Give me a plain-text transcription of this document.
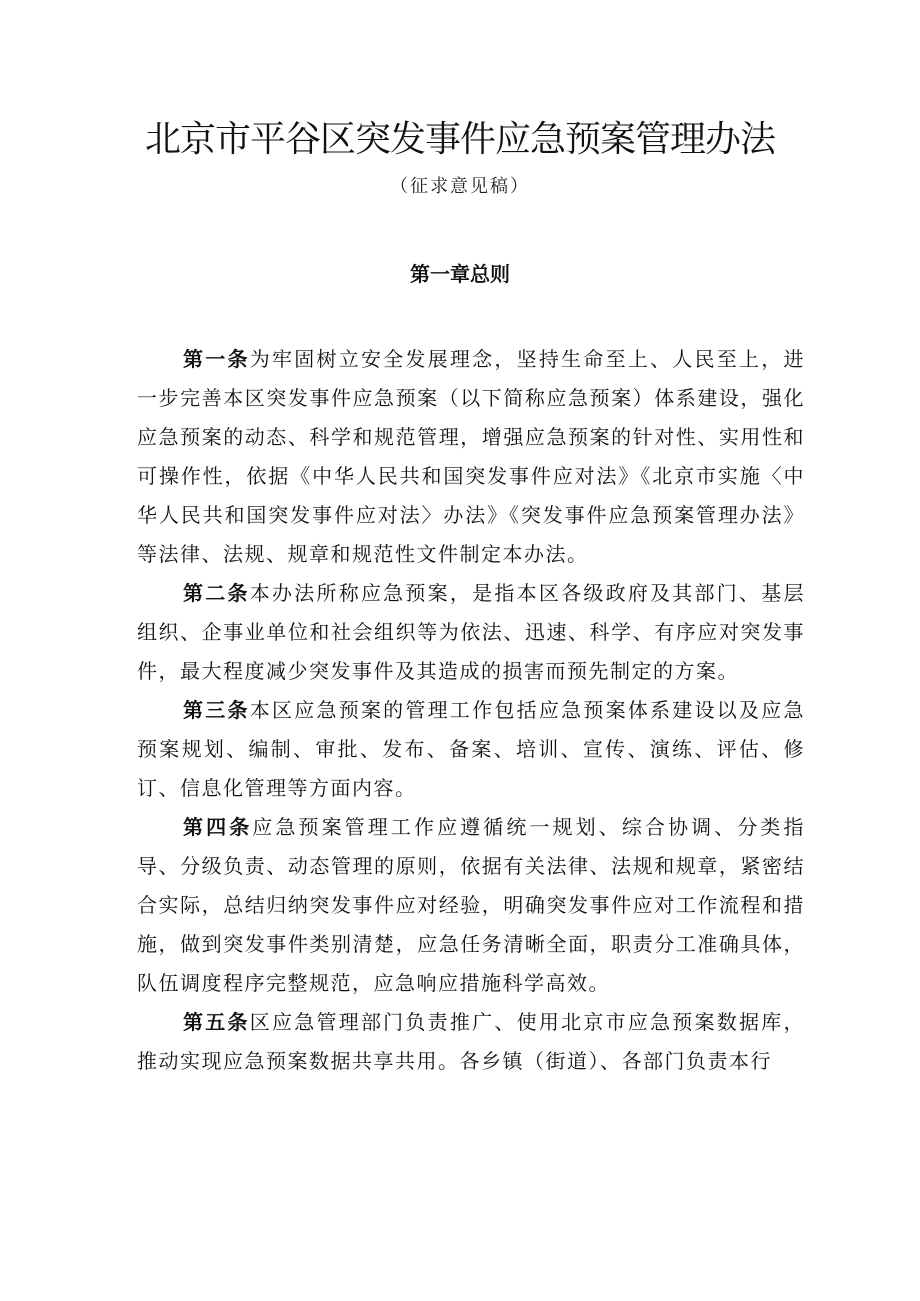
北京市平谷区突发事件应急预案管理办法
（征求意见稿）
第一章总则

第一条为牢固树立安全发展理念，坚持生命至上、人民至上，进一步完善本区突发事件应急预案（以下简称应急预案）体系建设，强化应急预案的动态、科学和规范管理，增强应急预案的针对性、实用性和可操作性，依据《中华人民共和国突发事件应对法》《北京市实施〈中华人民共和国突发事件应对法〉办法》《突发事件应急预案管理办法》等法律、法规、规章和规范性文件制定本办法。

第二条本办法所称应急预案，是指本区各级政府及其部门、基层组织、企事业单位和社会组织等为依法、迅速、科学、有序应对突发事件，最大程度减少突发事件及其造成的损害而预先制定的方案。

第三条本区应急预案的管理工作包括应急预案体系建设以及应急预案规划、编制、审批、发布、备案、培训、宣传、演练、评估、修订、信息化管理等方面内容。

第四条应急预案管理工作应遵循统一规划、综合协调、分类指导、分级负责、动态管理的原则，依据有关法律、法规和规章，紧密结合实际，总结归纳突发事件应对经验，明确突发事件应对工作流程和措施，做到突发事件类别清楚，应急任务清晰全面，职责分工准确具体，队伍调度程序完整规范，应急响应措施科学高效。

第五条区应急管理部门负责推广、使用北京市应急预案数据库，推动实现应急预案数据共享共用。各乡镇（街道）、各部门负责本行
